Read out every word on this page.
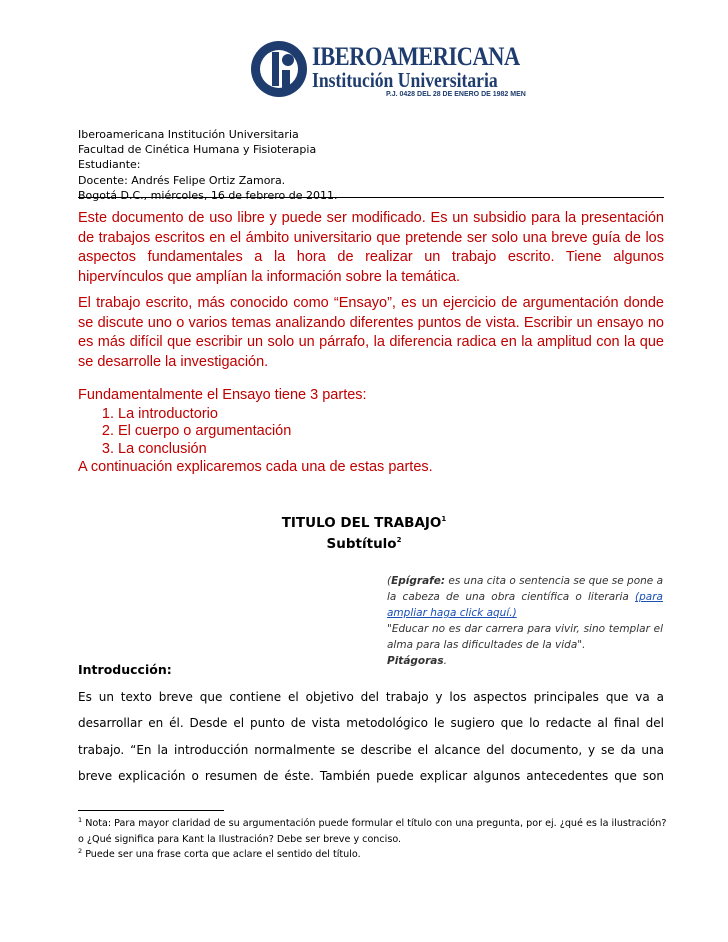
IBEROAMERICANA
Institución Universitaria
P.J. 0428 DEL 28 DE ENERO DE 1982 MEN
Iberoamericana Institución Universitaria
Facultad de Cinética Humana y Fisioterapia
Estudiante:
Docente: Andrés Felipe Ortiz Zamora.
Bogotá D.C., miércoles, 16 de febrero de 2011.

Este documento de uso libre y puede ser modificado. Es un subsidio para la presentación de trabajos escritos en el ámbito universitario que pretende ser solo una breve guía de los aspectos fundamentales a la hora de realizar un trabajo escrito. Tiene algunos hipervínculos que amplían la información sobre la temática.

El trabajo escrito, más conocido como “Ensayo”, es un ejercicio de argumentación donde se discute uno o varios temas analizando diferentes puntos de vista. Escribir un ensayo no es más difícil que escribir un solo un párrafo, la diferencia radica en la amplitud con la que se desarrolle la investigación.

Fundamentalmente el Ensayo tiene 3 partes:

1. La introductorio
2. El cuerpo o argumentación
3. La conclusión

A continuación explicaremos cada una de estas partes.

TITULO DEL TRABAJO$^1$
Subtítulo$^2$

(Epígrafe: es una cita o sentencia se que se pone a la cabeza de una obra científica o literaria (para ampliar haga click aquí.)

"Educar no es dar carrera para vivir, sino templar el alma para las dificultades de la vida".

Pitágoras.

Introducción:

Es un texto breve que contiene el objetivo del trabajo y los aspectos principales que va a desarrollar en él. Desde el punto de vista metodológico le sugiero que lo redacte al final del trabajo. “En la introducción normalmente se describe el alcance del documento, y se da una breve explicación o resumen de éste. También puede explicar algunos antecedentes que son

$^1$ Nota: Para mayor claridad de su argumentación puede formular el título con una pregunta, por ej. ¿qué es la ilustración?
o ¿Qué significa para Kant la Ilustración? Debe ser breve y conciso.
$^2$ Puede ser una frase corta que aclare el sentido del título.
